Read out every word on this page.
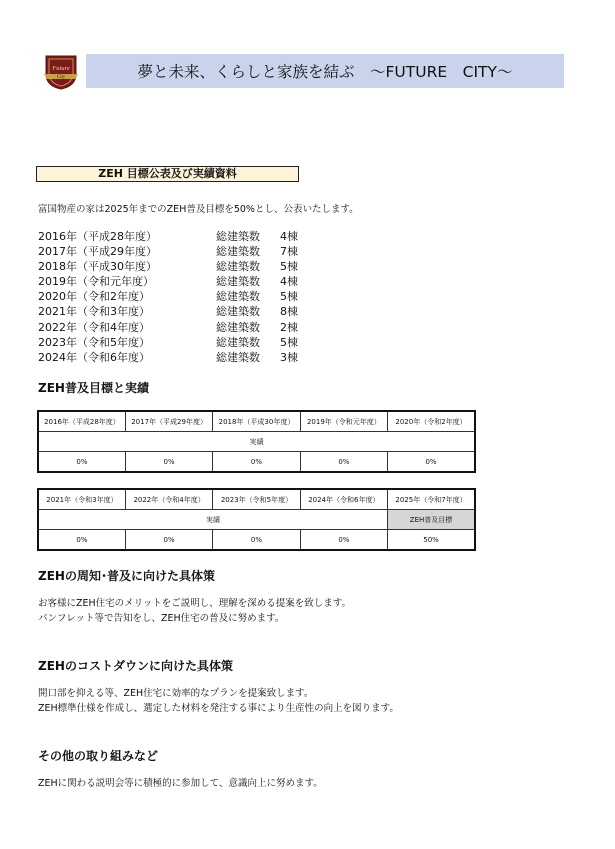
Future
City	夢と未来、くらしと家族を結ぶ　～FUTURE　CITY～
ZEH 目標公表及び実績資料
富国物産の家は2025年までのZEH普及目標を50%とし、公表いたします。
2016年（平成28年度）	総建築数 4棟
2017年（平成29年度）	総建築数 7棟
2018年（平成30年度）	総建築数 5棟
2019年（令和元年度）	総建築数 4棟
2020年（令和2年度）	総建築数 5棟
2021年（令和3年度）	総建築数 8棟
2022年（令和4年度）	総建築数 2棟
2023年（令和5年度）	総建築数 5棟
2024年（令和6年度）	総建築数 3棟
ZEH普及目標と実績
2016年（平成28年度）	2017年（平成29年度）	2018年（平成30年度）	2019年（令和元年度）	2020年（令和2年度）
実績				
0%	0%	0%	0%	0%
2021年（令和3年度）	2022年（令和4年度）	2023年（令和5年度）	2024年（令和6年度）	2025年（令和7年度）
実績				ZEH普及目標
0%	0%	0%	0%	50%
ZEHの周知･普及に向けた具体策
お客様にZEH住宅のメリットをご説明し、理解を深める提案を致します。
パンフレット等で告知をし、ZEH住宅の普及に努めます。
ZEHのコストダウンに向けた具体策
開口部を抑える等、ZEH住宅に効率的なプランを提案致します。
ZEH標準仕様を作成し、選定した材料を発注する事により生産性の向上を図ります。
その他の取り組みなど
ZEHに関わる説明会等に積極的に参加して、意識向上に努めます。
